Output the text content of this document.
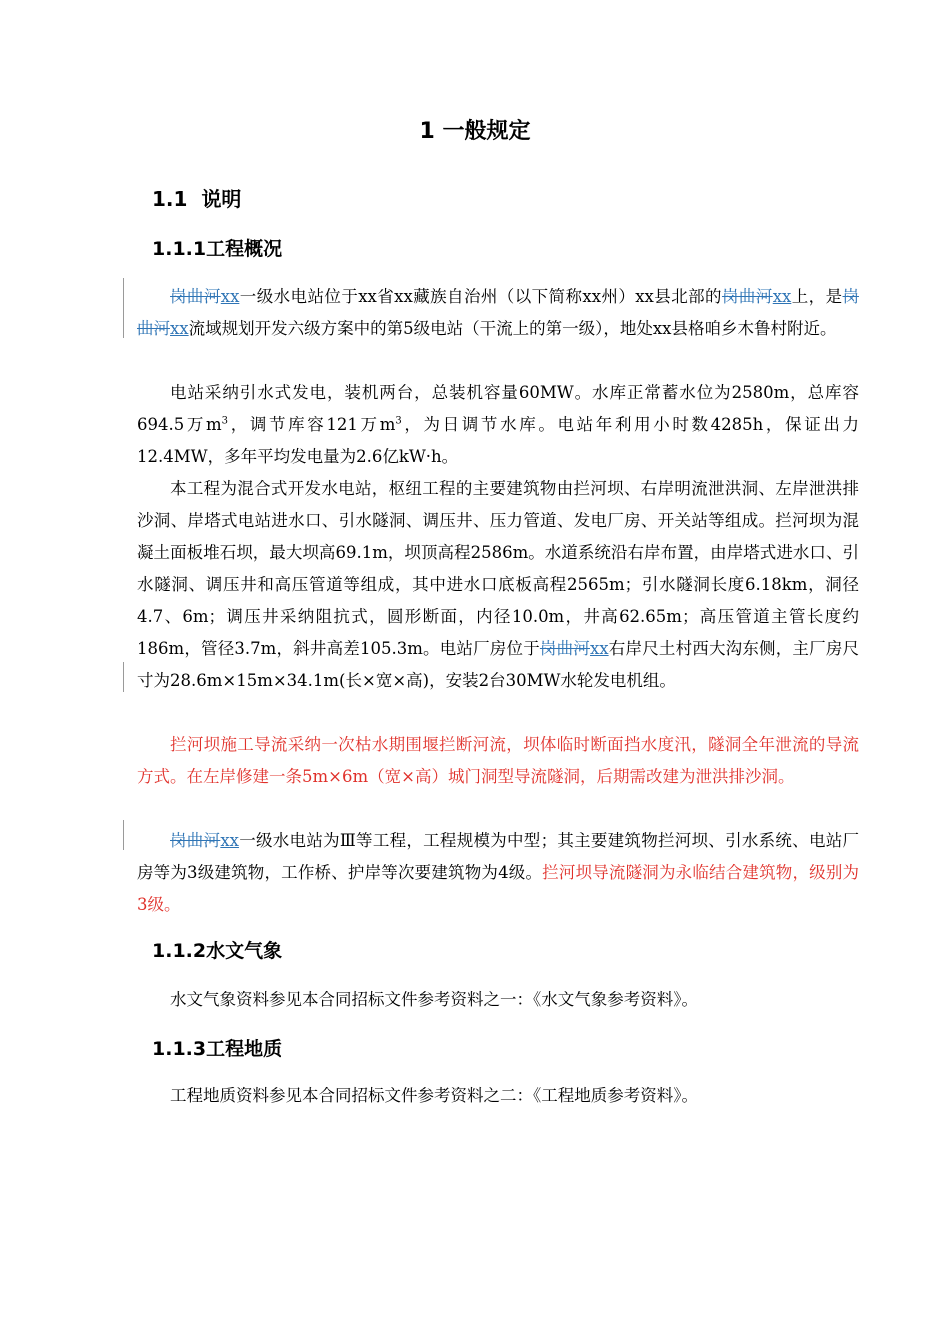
1 一般规定
1.1 说明
1.1.1工程概况
岗曲河xx一级水电站位于xx省xx藏族自治州（以下简称xx州）xx县北部的岗曲河xx上，是岗曲河xx流域规划开发六级方案中的第5级电站（干流上的第一级），地处xx县格咱乡木鲁村附近。
电站采纳引水式发电，装机两台，总装机容量60MW。水库正常蓄水位为2580m，总库容694.5万$m^3$，调节库容121万$m^3$，为日调节水库。电站年利用小时数4285h，保证出力12.4MW，多年平均发电量为2.6亿kW·h。
本工程为混合式开发水电站，枢纽工程的主要建筑物由拦河坝、右岸明流泄洪洞、左岸泄洪排沙洞、岸塔式电站进水口、引水隧洞、调压井、压力管道、发电厂房、开关站等组成。拦河坝为混凝土面板堆石坝，最大坝高69.1m，坝顶高程2586m。水道系统沿右岸布置，由岸塔式进水口、引水隧洞、调压井和高压管道等组成，其中进水口底板高程2565m；引水隧洞长度6.18km，洞径4.7、6m；调压井采纳阻抗式，圆形断面，内径10.0m，井高62.65m；高压管道主管长度约186m，管径3.7m，斜井高差105.3m。电站厂房位于岗曲河xx右岸尺土村西大沟东侧，主厂房尺寸为28.6m×15m×34.1m(长×宽×高)，安装2台30MW水轮发电机组。
拦河坝施工导流采纳一次枯水期围堰拦断河流，坝体临时断面挡水度汛，隧洞全年泄流的导流方式。在左岸修建一条5m×6m（宽×高）城门洞型导流隧洞，后期需改建为泄洪排沙洞。
岗曲河xx一级水电站为Ⅲ等工程，工程规模为中型；其主要建筑物拦河坝、引水系统、电站厂房等为3级建筑物，工作桥、护岸等次要建筑物为4级。拦河坝导流隧洞为永临结合建筑物，级别为3级。
1.1.2水文气象
水文气象资料参见本合同招标文件参考资料之一：《水文气象参考资料》。
1.1.3工程地质
工程地质资料参见本合同招标文件参考资料之二：《工程地质参考资料》。
